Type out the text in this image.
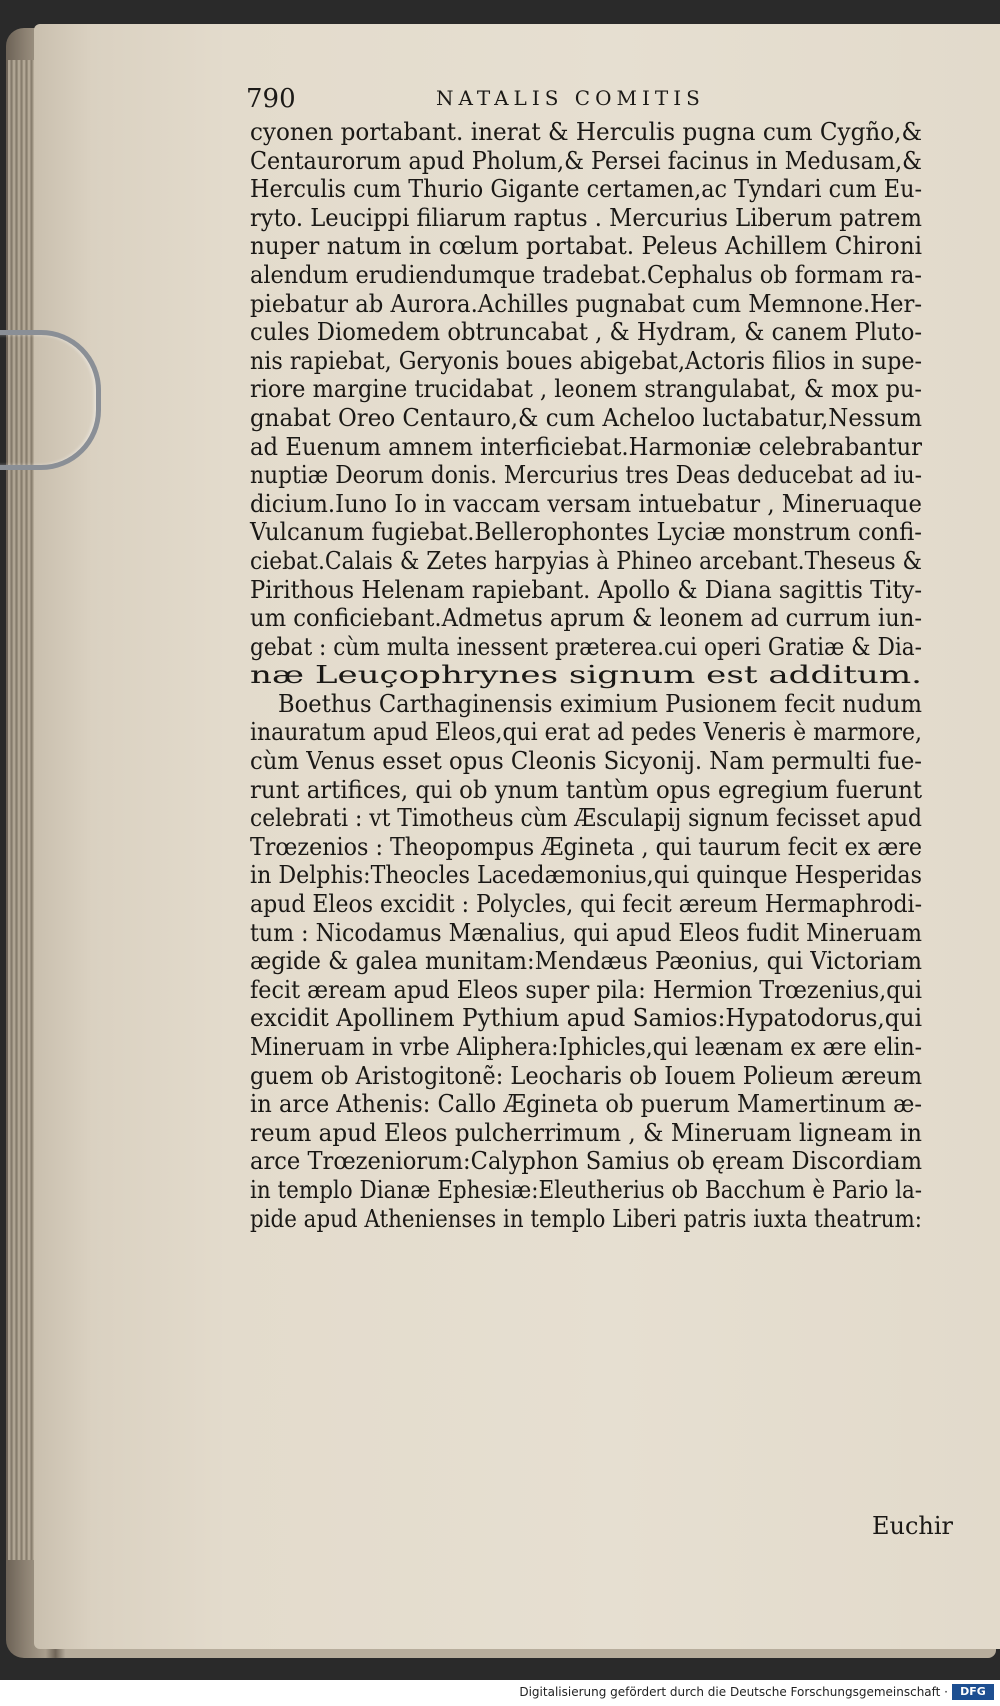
790	NATALIS COMITIS
cyonen portabant. inerat & Herculis pugna cum Cygño,&
Centaurorum apud Pholum,& Persei facinus in Medusam,&
Herculis cum Thurio Gigante certamen,ac Tyndari cum Eu-
ryto. Leucippi filiarum raptus . Mercurius Liberum patrem
nuper natum in cœlum portabat. Peleus Achillem Chironi
alendum erudiendumque tradebat.Cephalus ob formam ra-
piebatur ab Aurora.Achilles pugnabat cum Memnone.Her-
cules Diomedem obtruncabat , & Hydram, & canem Pluto-
nis rapiebat, Geryonis boues abigebat,Actoris filios in supe-
riore margine trucidabat , leonem strangulabat, & mox pu-
gnabat Oreo Centauro,& cum Acheloo luctabatur,Nessum
ad Euenum amnem interficiebat.Harmoniæ celebrabantur
nuptiæ Deorum donis. Mercurius tres Deas deducebat ad iu-
dicium.Iuno Io in vaccam versam intuebatur , Mineruaque
Vulcanum fugiebat.Bellerophontes Lyciæ monstrum confi-
ciebat.Calais & Zetes harpyias à Phineo arcebant.Theseus &
Pirithous Helenam rapiebant. Apollo & Diana sagittis Tity-
um conficiebant.Admetus aprum & leonem ad currum iun-
gebat : cùm multa inessent præterea.cui operi Gratiæ & Dia-
næ Leuçophrynes signum est additum.
Boethus Carthaginensis eximium Pusionem fecit nudum
inauratum apud Eleos,qui erat ad pedes Veneris è marmore,
cùm Venus esset opus Cleonis Sicyonij. Nam permulti fue-
runt artifices, qui ob ynum tantùm opus egregium fuerunt
celebrati : vt Timotheus cùm Æsculapij signum fecisset apud
Trœzenios : Theopompus Ægineta , qui taurum fecit ex ære
in Delphis:Theocles Lacedæmonius,qui quinque Hesperidas
apud Eleos excidit : Polycles, qui fecit æreum Hermaphrodi-
tum : Nicodamus Mænalius, qui apud Eleos fudit Mineruam
ægide & galea munitam:Mendæus Pæonius, qui Victoriam
fecit æream apud Eleos super pila: Hermion Trœzenius,qui
excidit Apollinem Pythium apud Samios:Hypatodorus,qui
Mineruam in vrbe Aliphera:Iphicles,qui leænam ex ære elin-
guem ob Aristogitonẽ: Leocharis ob Iouem Polieum æreum
in arce Athenis: Callo Ægineta ob puerum Mamertinum æ-
reum apud Eleos pulcherrimum , & Mineruam ligneam in
arce Trœzeniorum:Calyphon Samius ob ęream Discordiam
in templo Dianæ Ephesiæ:Eleutherius ob Bacchum è Pario la-
pide apud Athenienses in templo Liberi patris iuxta theatrum:
Euchir
Digitalisierung gefördert durch die Deutsche Forschungsgemeinschaft ·	DFG
